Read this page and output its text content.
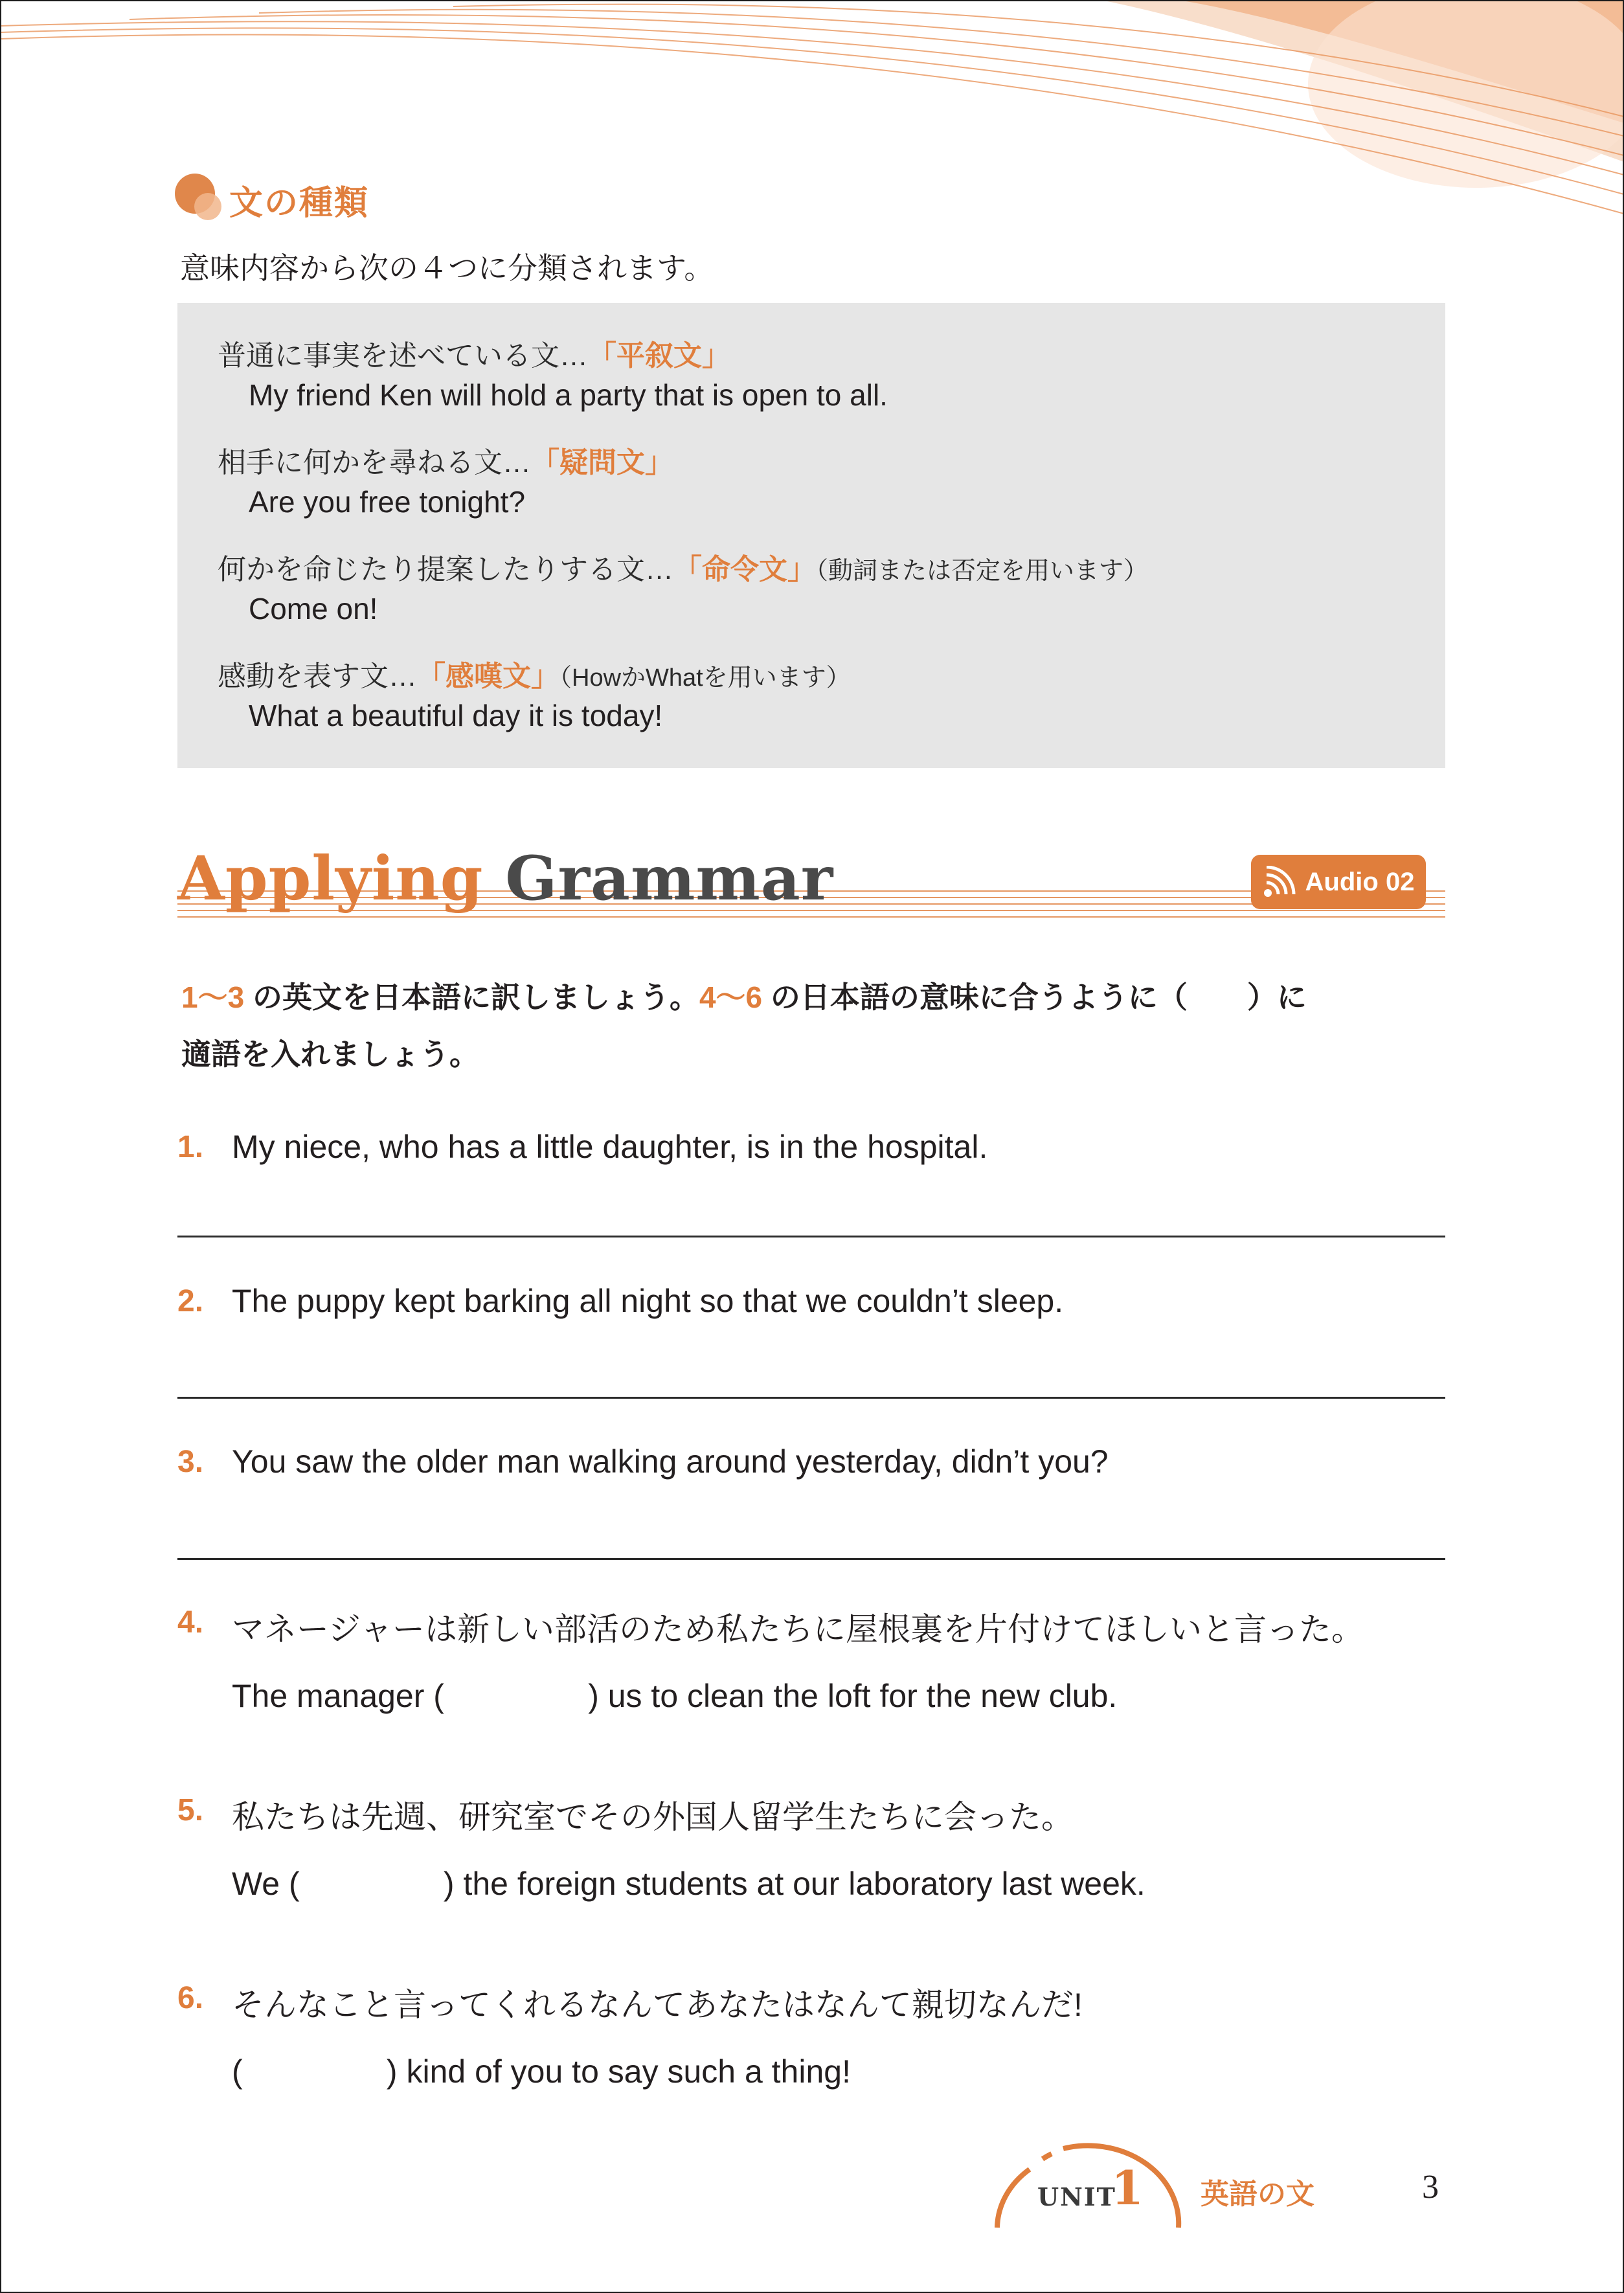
文の種類
意味内容から次の４つに分類されます。
普通に事実を述べている文…「平叙文」
My friend Ken will hold a party that is open to all.
相手に何かを尋ねる文…「疑問文」
Are you free tonight?
何かを命じたり提案したりする文…「命令文」（動詞または否定を用います）
Come on!
感動を表す文…「感嘆文」（HowかWhatを用います）
What a beautiful day it is today!
Applying Grammar	Audio 02
1～3 の英文を日本語に訳しましょう。4～6 の日本語の意味に合うように（　　）に
適語を入れましょう。
1. My niece, who has a little daughter, is in the hospital.
2. The puppy kept barking all night so that we couldn’t sleep.
3. You saw the older man walking around yesterday, didn’t you?
4. マネージャーは新しい部活のため私たちに屋根裏を片付けてほしいと言った。
The manager (                ) us to clean the loft for the new club.
5. 私たちは先週、研究室でその外国人留学生たちに会った。
We (                ) the foreign students at our laboratory last week.
6. そんなこと言ってくれるなんてあなたはなんて親切なんだ!
(                ) kind of you to say such a thing!
UNIT
1 英語の文	3
